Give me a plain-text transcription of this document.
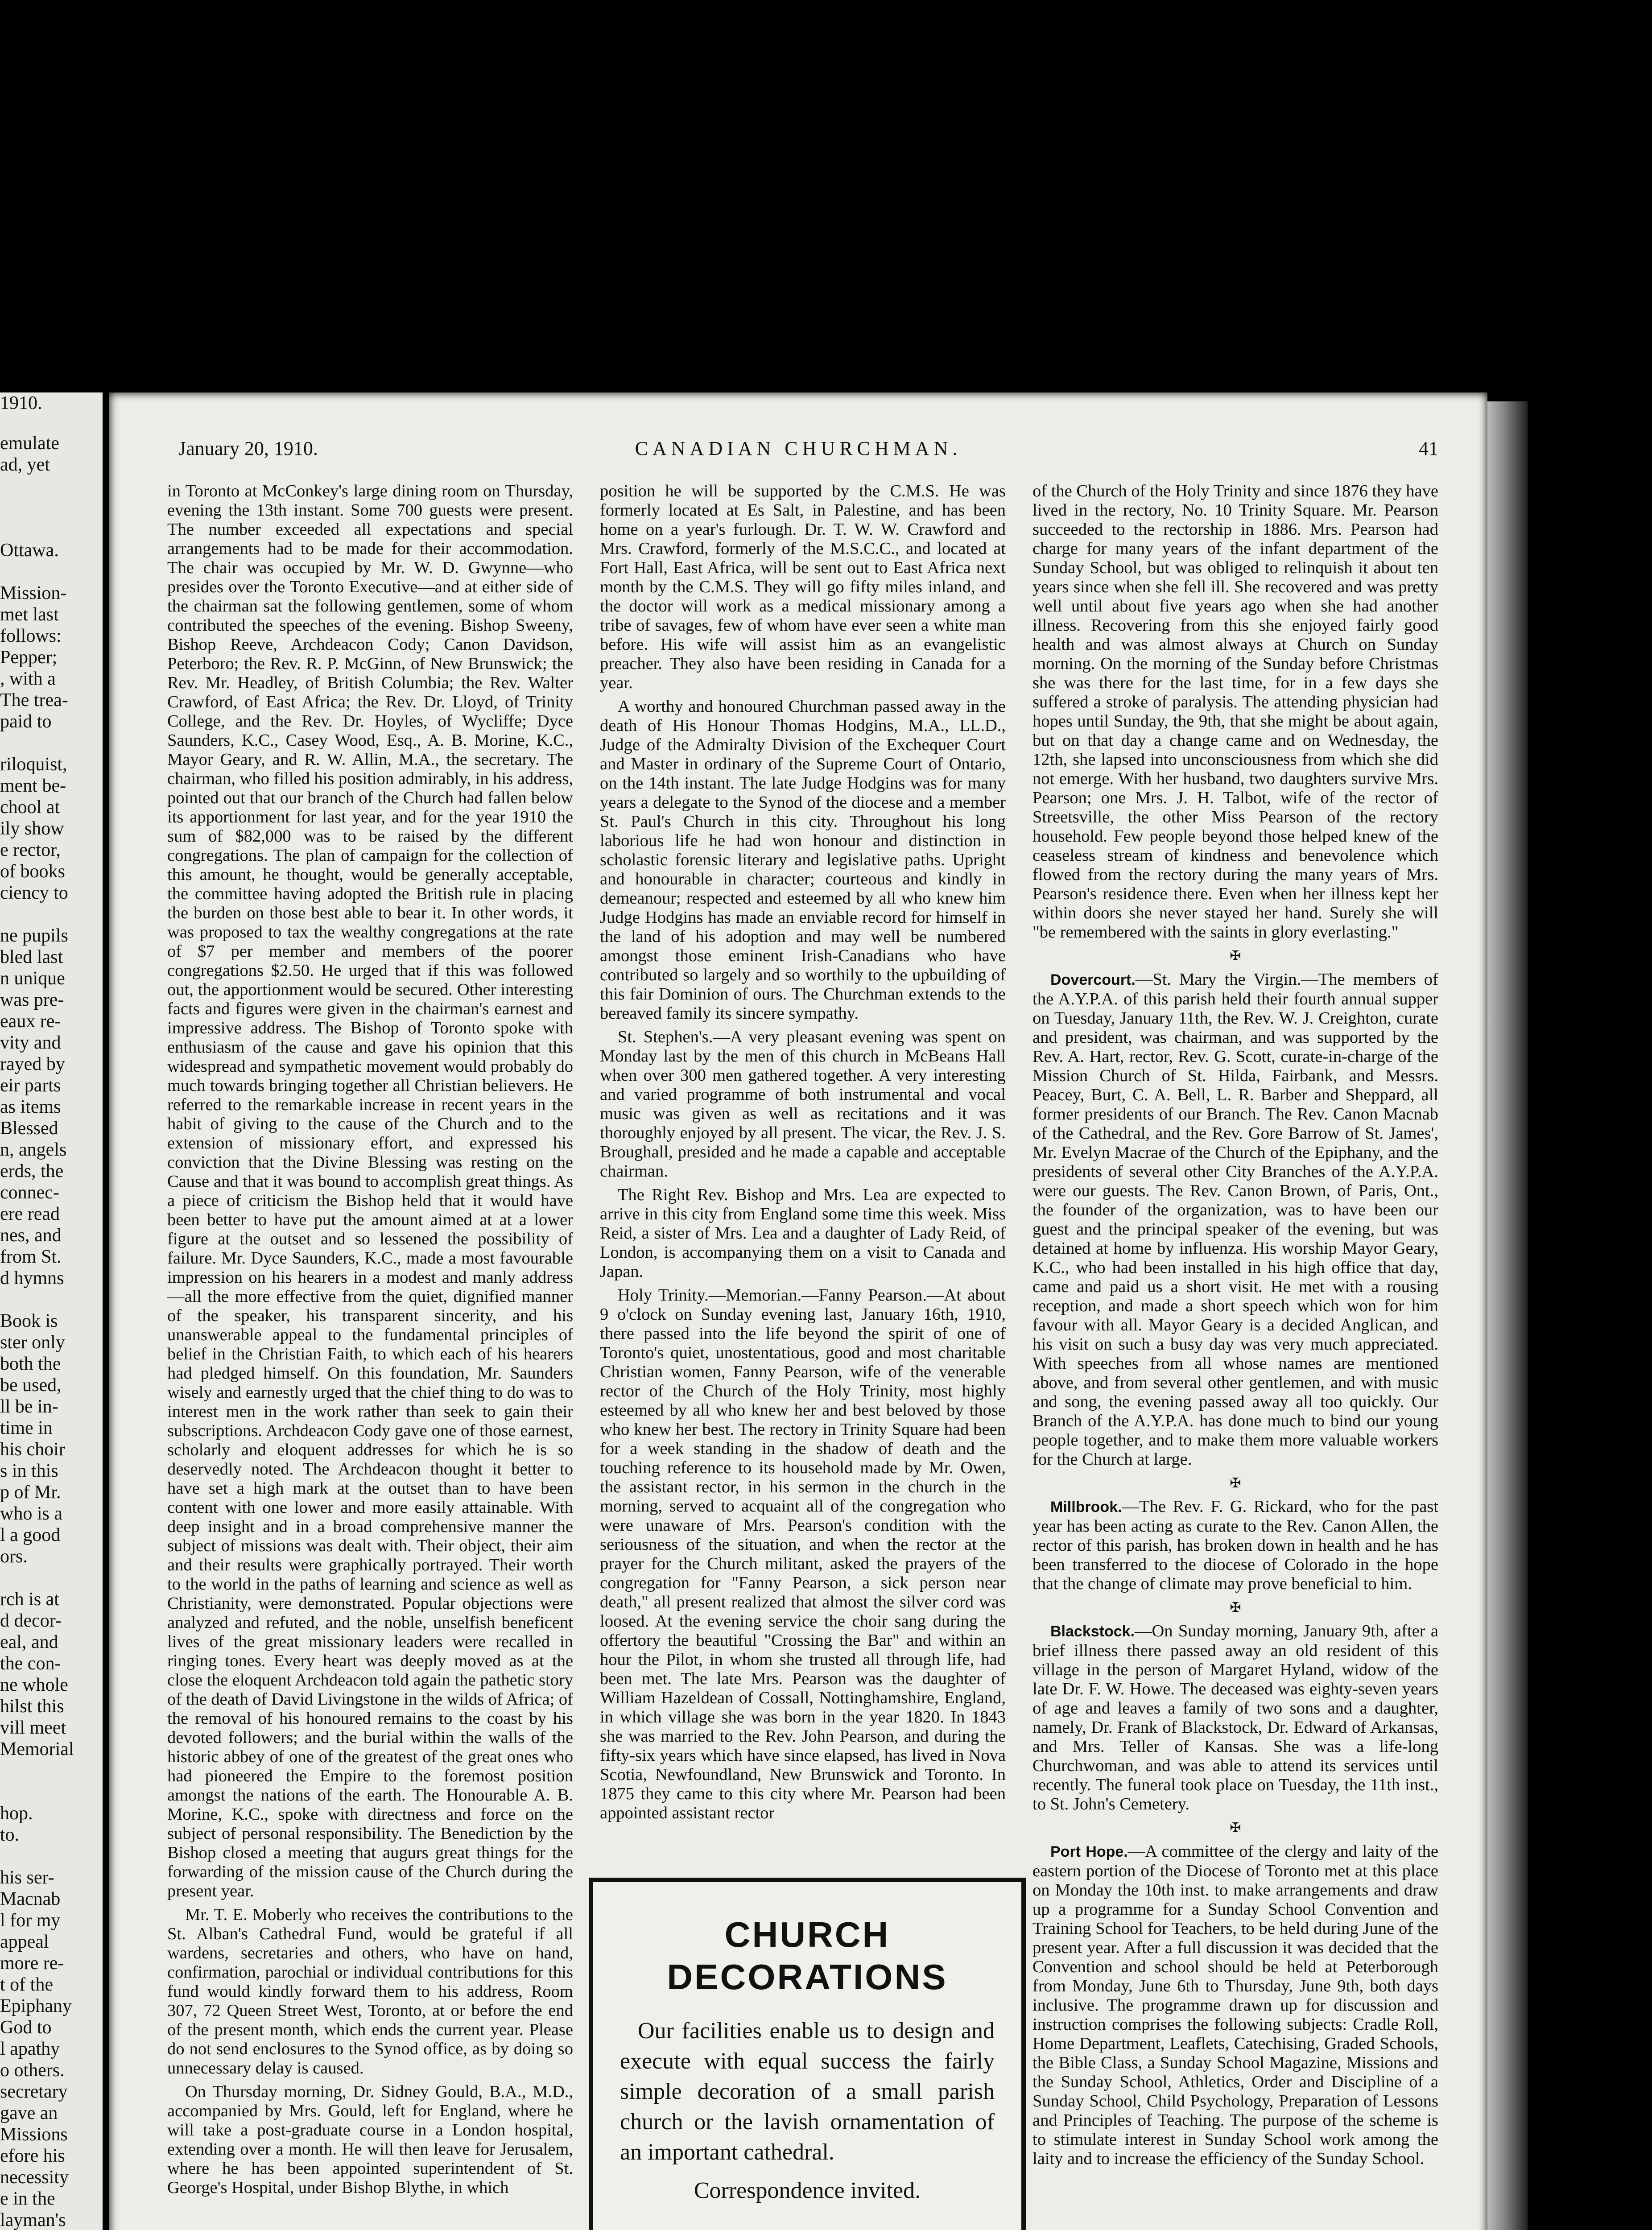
1910.
emulate
ad, yet

Ottawa.

Mission-
met last
follows:
Pepper;
, with a
The trea-
paid to

riloquist,
ment be-
chool at
ily show
e rector,
of books
ciency to

ne pupils
bled last
n unique
was pre-
eaux re-
vity and
rayed by
eir parts
as items
Blessed
n, angels
erds, the
connec-
ere read
nes, and
from St.
d hymns

Book is
ster only
both the
be used,
ll be in-
time in
his choir
s in this
p of Mr.
who is a
l a good
ors.

rch is at
d decor-
eal, and
the con-
ne whole
hilst this
vill meet
Memorial

hop.
to.

his ser-
Macnab
l for my
appeal
more re-
t of the
Epiphany
God to
l apathy
o others.
secretary
gave an
Missions
efore his
necessity
e in the
layman's

CANADIAN CHURCHMAN.
January 20, 1910.	41

in Toronto at McConkey's large dining room on Thursday, evening the 13th instant. Some 700 guests were present. The number exceeded all expectations and special arrangements had to be made for their accommodation. The chair was occupied by Mr. W. D. Gwynne—who presides over the Toronto Executive—and at either side of the chairman sat the following gentlemen, some of whom contributed the speeches of the evening. Bishop Sweeny, Bishop Reeve, Archdeacon Cody; Canon Davidson, Peterboro; the Rev. R. P. McGinn, of New Brunswick; the Rev. Mr. Headley, of British Columbia; the Rev. Walter Crawford, of East Africa; the Rev. Dr. Lloyd, of Trinity College, and the Rev. Dr. Hoyles, of Wycliffe; Dyce Saunders, K.C., Casey Wood, Esq., A. B. Morine, K.C., Mayor Geary, and R. W. Allin, M.A., the secretary. The chairman, who filled his position admirably, in his address, pointed out that our branch of the Church had fallen below its apportionment for last year, and for the year 1910 the sum of $82,000 was to be raised by the different congregations. The plan of campaign for the collection of this amount, he thought, would be generally acceptable, the committee having adopted the British rule in placing the burden on those best able to bear it. In other words, it was proposed to tax the wealthy congregations at the rate of $7 per member and members of the poorer congregations $2.50. He urged that if this was followed out, the apportionment would be secured. Other interesting facts and figures were given in the chairman's earnest and impressive address. The Bishop of Toronto spoke with enthusiasm of the cause and gave his opinion that this widespread and sympathetic movement would probably do much towards bringing together all Christian believers. He referred to the remarkable increase in recent years in the habit of giving to the cause of the Church and to the extension of missionary effort, and expressed his conviction that the Divine Blessing was resting on the Cause and that it was bound to accomplish great things. As a piece of criticism the Bishop held that it would have been better to have put the amount aimed at at a lower figure at the outset and so lessened the possibility of failure. Mr. Dyce Saunders, K.C., made a most favourable impression on his hearers in a modest and manly address—all the more effective from the quiet, dignified manner of the speaker, his transparent sincerity, and his unanswerable appeal to the fundamental principles of belief in the Christian Faith, to which each of his hearers had pledged himself. On this foundation, Mr. Saunders wisely and earnestly urged that the chief thing to do was to interest men in the work rather than seek to gain their subscriptions. Archdeacon Cody gave one of those earnest, scholarly and eloquent addresses for which he is so deservedly noted. The Archdeacon thought it better to have set a high mark at the outset than to have been content with one lower and more easily attainable. With deep insight and in a broad comprehensive manner the subject of missions was dealt with. Their object, their aim and their results were graphically portrayed. Their worth to the world in the paths of learning and science as well as Christianity, were demonstrated. Popular objections were analyzed and refuted, and the noble, unselfish beneficent lives of the great missionary leaders were recalled in ringing tones. Every heart was deeply moved as at the close the eloquent Archdeacon told again the pathetic story of the death of David Livingstone in the wilds of Africa; of the removal of his honoured remains to the coast by his devoted followers; and the burial within the walls of the historic abbey of one of the greatest of the great ones who had pioneered the Empire to the foremost position amongst the nations of the earth. The Honourable A. B. Morine, K.C., spoke with directness and force on the subject of personal responsibility. The Benediction by the Bishop closed a meeting that augurs great things for the forwarding of the mission cause of the Church during the present year.

Mr. T. E. Moberly who receives the contributions to the St. Alban's Cathedral Fund, would be grateful if all wardens, secretaries and others, who have on hand, confirmation, parochial or individual contributions for this fund would kindly forward them to his address, Room 307, 72 Queen Street West, Toronto, at or before the end of the present month, which ends the current year. Please do not send enclosures to the Synod office, as by doing so unnecessary delay is caused.

On Thursday morning, Dr. Sidney Gould, B.A., M.D., accompanied by Mrs. Gould, left for England, where he will take a post-graduate course in a London hospital, extending over a month. He will then leave for Jerusalem, where he has been appointed superintendent of St. George's Hospital, under Bishop Blythe, in which

position he will be supported by the C.M.S. He was formerly located at Es Salt, in Palestine, and has been home on a year's furlough. Dr. T. W. W. Crawford and Mrs. Crawford, formerly of the M.S.C.C., and located at Fort Hall, East Africa, will be sent out to East Africa next month by the C.M.S. They will go fifty miles inland, and the doctor will work as a medical missionary among a tribe of savages, few of whom have ever seen a white man before. His wife will assist him as an evangelistic preacher. They also have been residing in Canada for a year.

A worthy and honoured Churchman passed away in the death of His Honour Thomas Hodgins, M.A., LL.D., Judge of the Admiralty Division of the Exchequer Court and Master in ordinary of the Supreme Court of Ontario, on the 14th instant. The late Judge Hodgins was for many years a delegate to the Synod of the diocese and a member St. Paul's Church in this city. Throughout his long laborious life he had won honour and distinction in scholastic forensic literary and legislative paths. Upright and honourable in character; courteous and kindly in demeanour; respected and esteemed by all who knew him Judge Hodgins has made an enviable record for himself in the land of his adoption and may well be numbered amongst those eminent Irish-Canadians who have contributed so largely and so worthily to the upbuilding of this fair Dominion of ours. The Churchman extends to the bereaved family its sincere sympathy.

St. Stephen's.—A very pleasant evening was spent on Monday last by the men of this church in McBeans Hall when over 300 men gathered together. A very interesting and varied programme of both instrumental and vocal music was given as well as recitations and it was thoroughly enjoyed by all present. The vicar, the Rev. J. S. Broughall, presided and he made a capable and acceptable chairman.

The Right Rev. Bishop and Mrs. Lea are expected to arrive in this city from England some time this week. Miss Reid, a sister of Mrs. Lea and a daughter of Lady Reid, of London, is accompanying them on a visit to Canada and Japan.

Holy Trinity.—Memorian.—Fanny Pearson.—At about 9 o'clock on Sunday evening last, January 16th, 1910, there passed into the life beyond the spirit of one of Toronto's quiet, unostentatious, good and most charitable Christian women, Fanny Pearson, wife of the venerable rector of the Church of the Holy Trinity, most highly esteemed by all who knew her and best beloved by those who knew her best. The rectory in Trinity Square had been for a week standing in the shadow of death and the touching reference to its household made by Mr. Owen, the assistant rector, in his sermon in the church in the morning, served to acquaint all of the congregation who were unaware of Mrs. Pearson's condition with the seriousness of the situation, and when the rector at the prayer for the Church militant, asked the prayers of the congregation for "Fanny Pearson, a sick person near death," all present realized that almost the silver cord was loosed. At the evening service the choir sang during the offertory the beautiful "Crossing the Bar" and within an hour the Pilot, in whom she trusted all through life, had been met. The late Mrs. Pearson was the daughter of William Hazeldean of Cossall, Nottinghamshire, England, in which village she was born in the year 1820. In 1843 she was married to the Rev. John Pearson, and during the fifty-six years which have since elapsed, has lived in Nova Scotia, Newfoundland, New Brunswick and Toronto. In 1875 they came to this city where Mr. Pearson had been appointed assistant rector

of the Church of the Holy Trinity and since 1876 they have lived in the rectory, No. 10 Trinity Square. Mr. Pearson succeeded to the rectorship in 1886. Mrs. Pearson had charge for many years of the infant department of the Sunday School, but was obliged to relinquish it about ten years since when she fell ill. She recovered and was pretty well until about five years ago when she had another illness. Recovering from this she enjoyed fairly good health and was almost always at Church on Sunday morning. On the morning of the Sunday before Christmas she was there for the last time, for in a few days she suffered a stroke of paralysis. The attending physician had hopes until Sunday, the 9th, that she might be about again, but on that day a change came and on Wednesday, the 12th, she lapsed into unconsciousness from which she did not emerge. With her husband, two daughters survive Mrs. Pearson; one Mrs. J. H. Talbot, wife of the rector of Streetsville, the other Miss Pearson of the rectory household. Few people beyond those helped knew of the ceaseless stream of kindness and benevolence which flowed from the rectory during the many years of Mrs. Pearson's residence there. Even when her illness kept her within doors she never stayed her hand. Surely she will "be remembered with the saints in glory everlasting."

✠

Dovercourt.—St. Mary the Virgin.—The members of the A.Y.P.A. of this parish held their fourth annual supper on Tuesday, January 11th, the Rev. W. J. Creighton, curate and president, was chairman, and was supported by the Rev. A. Hart, rector, Rev. G. Scott, curate-in-charge of the Mission Church of St. Hilda, Fairbank, and Messrs. Peacey, Burt, C. A. Bell, L. R. Barber and Sheppard, all former presidents of our Branch. The Rev. Canon Macnab of the Cathedral, and the Rev. Gore Barrow of St. James', Mr. Evelyn Macrae of the Church of the Epiphany, and the presidents of several other City Branches of the A.Y.P.A. were our guests. The Rev. Canon Brown, of Paris, Ont., the founder of the organization, was to have been our guest and the principal speaker of the evening, but was detained at home by influenza. His worship Mayor Geary, K.C., who had been installed in his high office that day, came and paid us a short visit. He met with a rousing reception, and made a short speech which won for him favour with all. Mayor Geary is a decided Anglican, and his visit on such a busy day was very much appreciated. With speeches from all whose names are mentioned above, and from several other gentlemen, and with music and song, the evening passed away all too quickly. Our Branch of the A.Y.P.A. has done much to bind our young people together, and to make them more valuable workers for the Church at large.

✠

Millbrook.—The Rev. F. G. Rickard, who for the past year has been acting as curate to the Rev. Canon Allen, the rector of this parish, has broken down in health and he has been transferred to the diocese of Colorado in the hope that the change of climate may prove beneficial to him.

✠

Blackstock.—On Sunday morning, January 9th, after a brief illness there passed away an old resident of this village in the person of Margaret Hyland, widow of the late Dr. F. W. Howe. The deceased was eighty-seven years of age and leaves a family of two sons and a daughter, namely, Dr. Frank of Blackstock, Dr. Edward of Arkansas, and Mrs. Teller of Kansas. She was a life-long Churchwoman, and was able to attend its services until recently. The funeral took place on Tuesday, the 11th inst., to St. John's Cemetery.

✠

Port Hope.—A committee of the clergy and laity of the eastern portion of the Diocese of Toronto met at this place on Monday the 10th inst. to make arrangements and draw up a programme for a Sunday School Convention and Training School for Teachers, to be held during June of the present year. After a full discussion it was decided that the Convention and school should be held at Peterborough from Monday, June 6th to Thursday, June 9th, both days inclusive. The programme drawn up for discussion and instruction comprises the following subjects: Cradle Roll, Home Department, Leaflets, Catechising, Graded Schools, the Bible Class, a Sunday School Magazine, Missions and the Sunday School, Athletics, Order and Discipline of a Sunday School, Child Psychology, Preparation of Lessons and Principles of Teaching. The purpose of the scheme is to stimulate interest in Sunday School work among the laity and to increase the efficiency of the Sunday School.

CHURCH
DECORATIONS
Our facilities enable us to design and execute with equal success the fairly simple decoration of a small parish church or the lavish ornamentation of an important cathedral.
Correspondence invited.
